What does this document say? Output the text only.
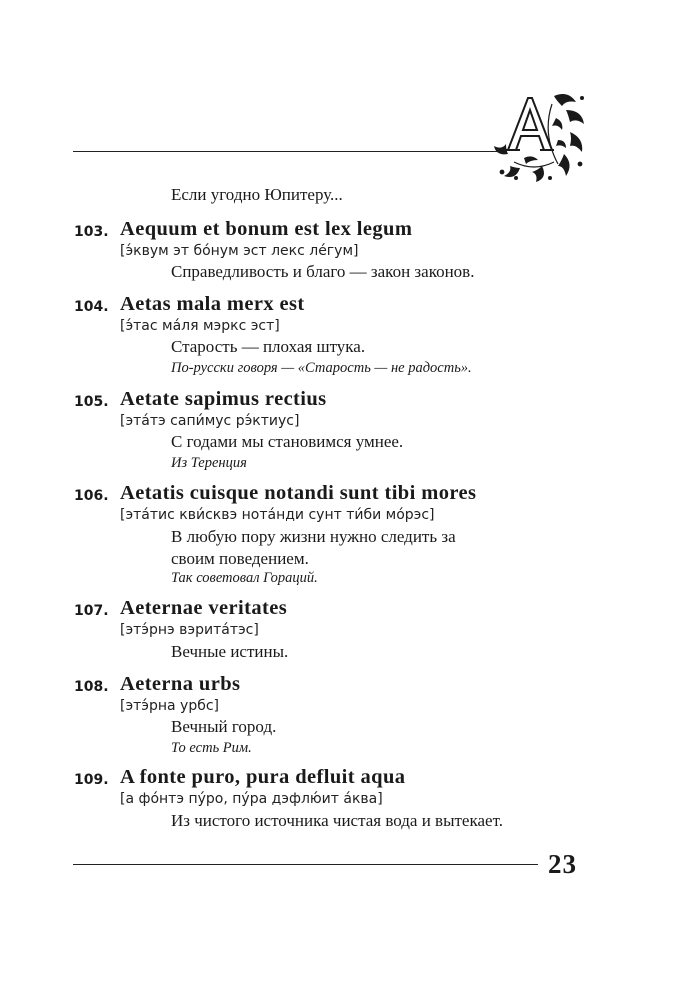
Если угодно Юпитеру...
103. Aequum et bonum est lex legum
[э́квум эт бо́нум эст лекс ле́гум]
Справедливость и благо — закон законов.
104. Aetas mala merx est
[э́тас ма́ля мэркс эст]
Старость — плохая штука.
По-русски говоря — «Старость — не радость».
105. Aetate sapimus rectius
[эта́тэ сапи́мус рэ́ктиус]
С годами мы становимся умнее.
Из Теренция
106. Aetatis cuisque notandi sunt tibi mores
[эта́тис кви́сквэ нота́нди сунт ти́би мо́рэс]
В любую пору жизни нужно следить за
своим поведением.
Так советовал Гораций.
107. Aeternae veritates
[этэ́рнэ вэрита́тэс]
Вечные истины.
108. Aeterna urbs
[этэ́рна урбс]
Вечный город.
То есть Рим.
109. A fonte puro, pura defluit aqua
[а фо́нтэ пу́ро, пу́ра дэфлю́ит а́ква]
Из чистого источника чистая вода и вытекает.
23
